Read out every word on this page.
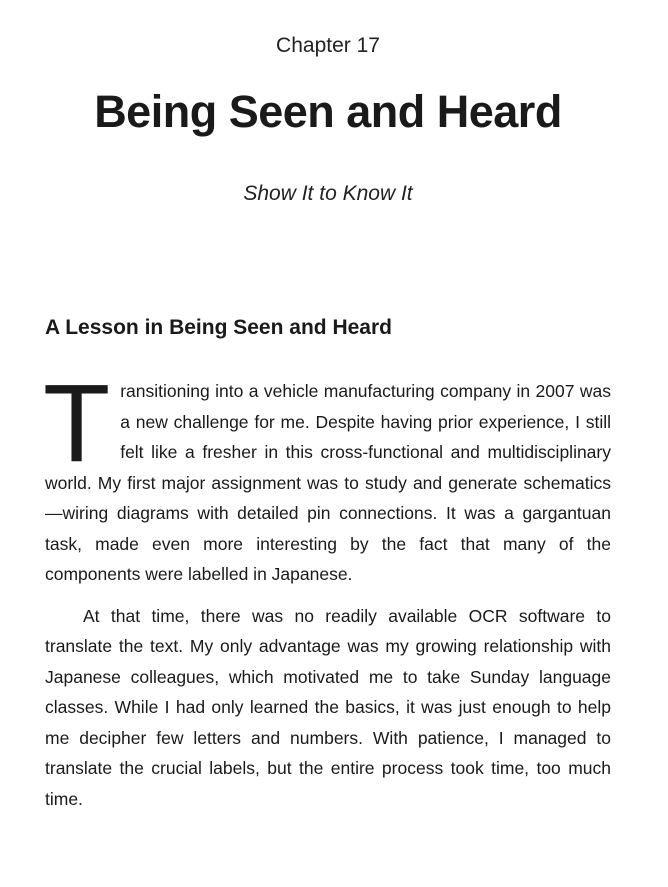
Chapter 17
Being Seen and Heard
Show It to Know It
A Lesson in Being Seen and Heard

Transitioning into a vehicle manufacturing company in 2007 was a new challenge for me. Despite having prior experience, I still felt like a fresher in this cross-functional and multidisciplinary world. My first major assignment was to study and generate schematics—wiring diagrams with detailed pin connections. It was a gargantuan task, made even more interesting by the fact that many of the components were labelled in Japanese.

At that time, there was no readily available OCR software to translate the text. My only advantage was my growing relationship with Japanese colleagues, which motivated me to take Sunday language classes. While I had only learned the basics, it was just enough to help me decipher few letters and numbers. With patience, I managed to translate the crucial labels, but the entire process took time, too much time.
